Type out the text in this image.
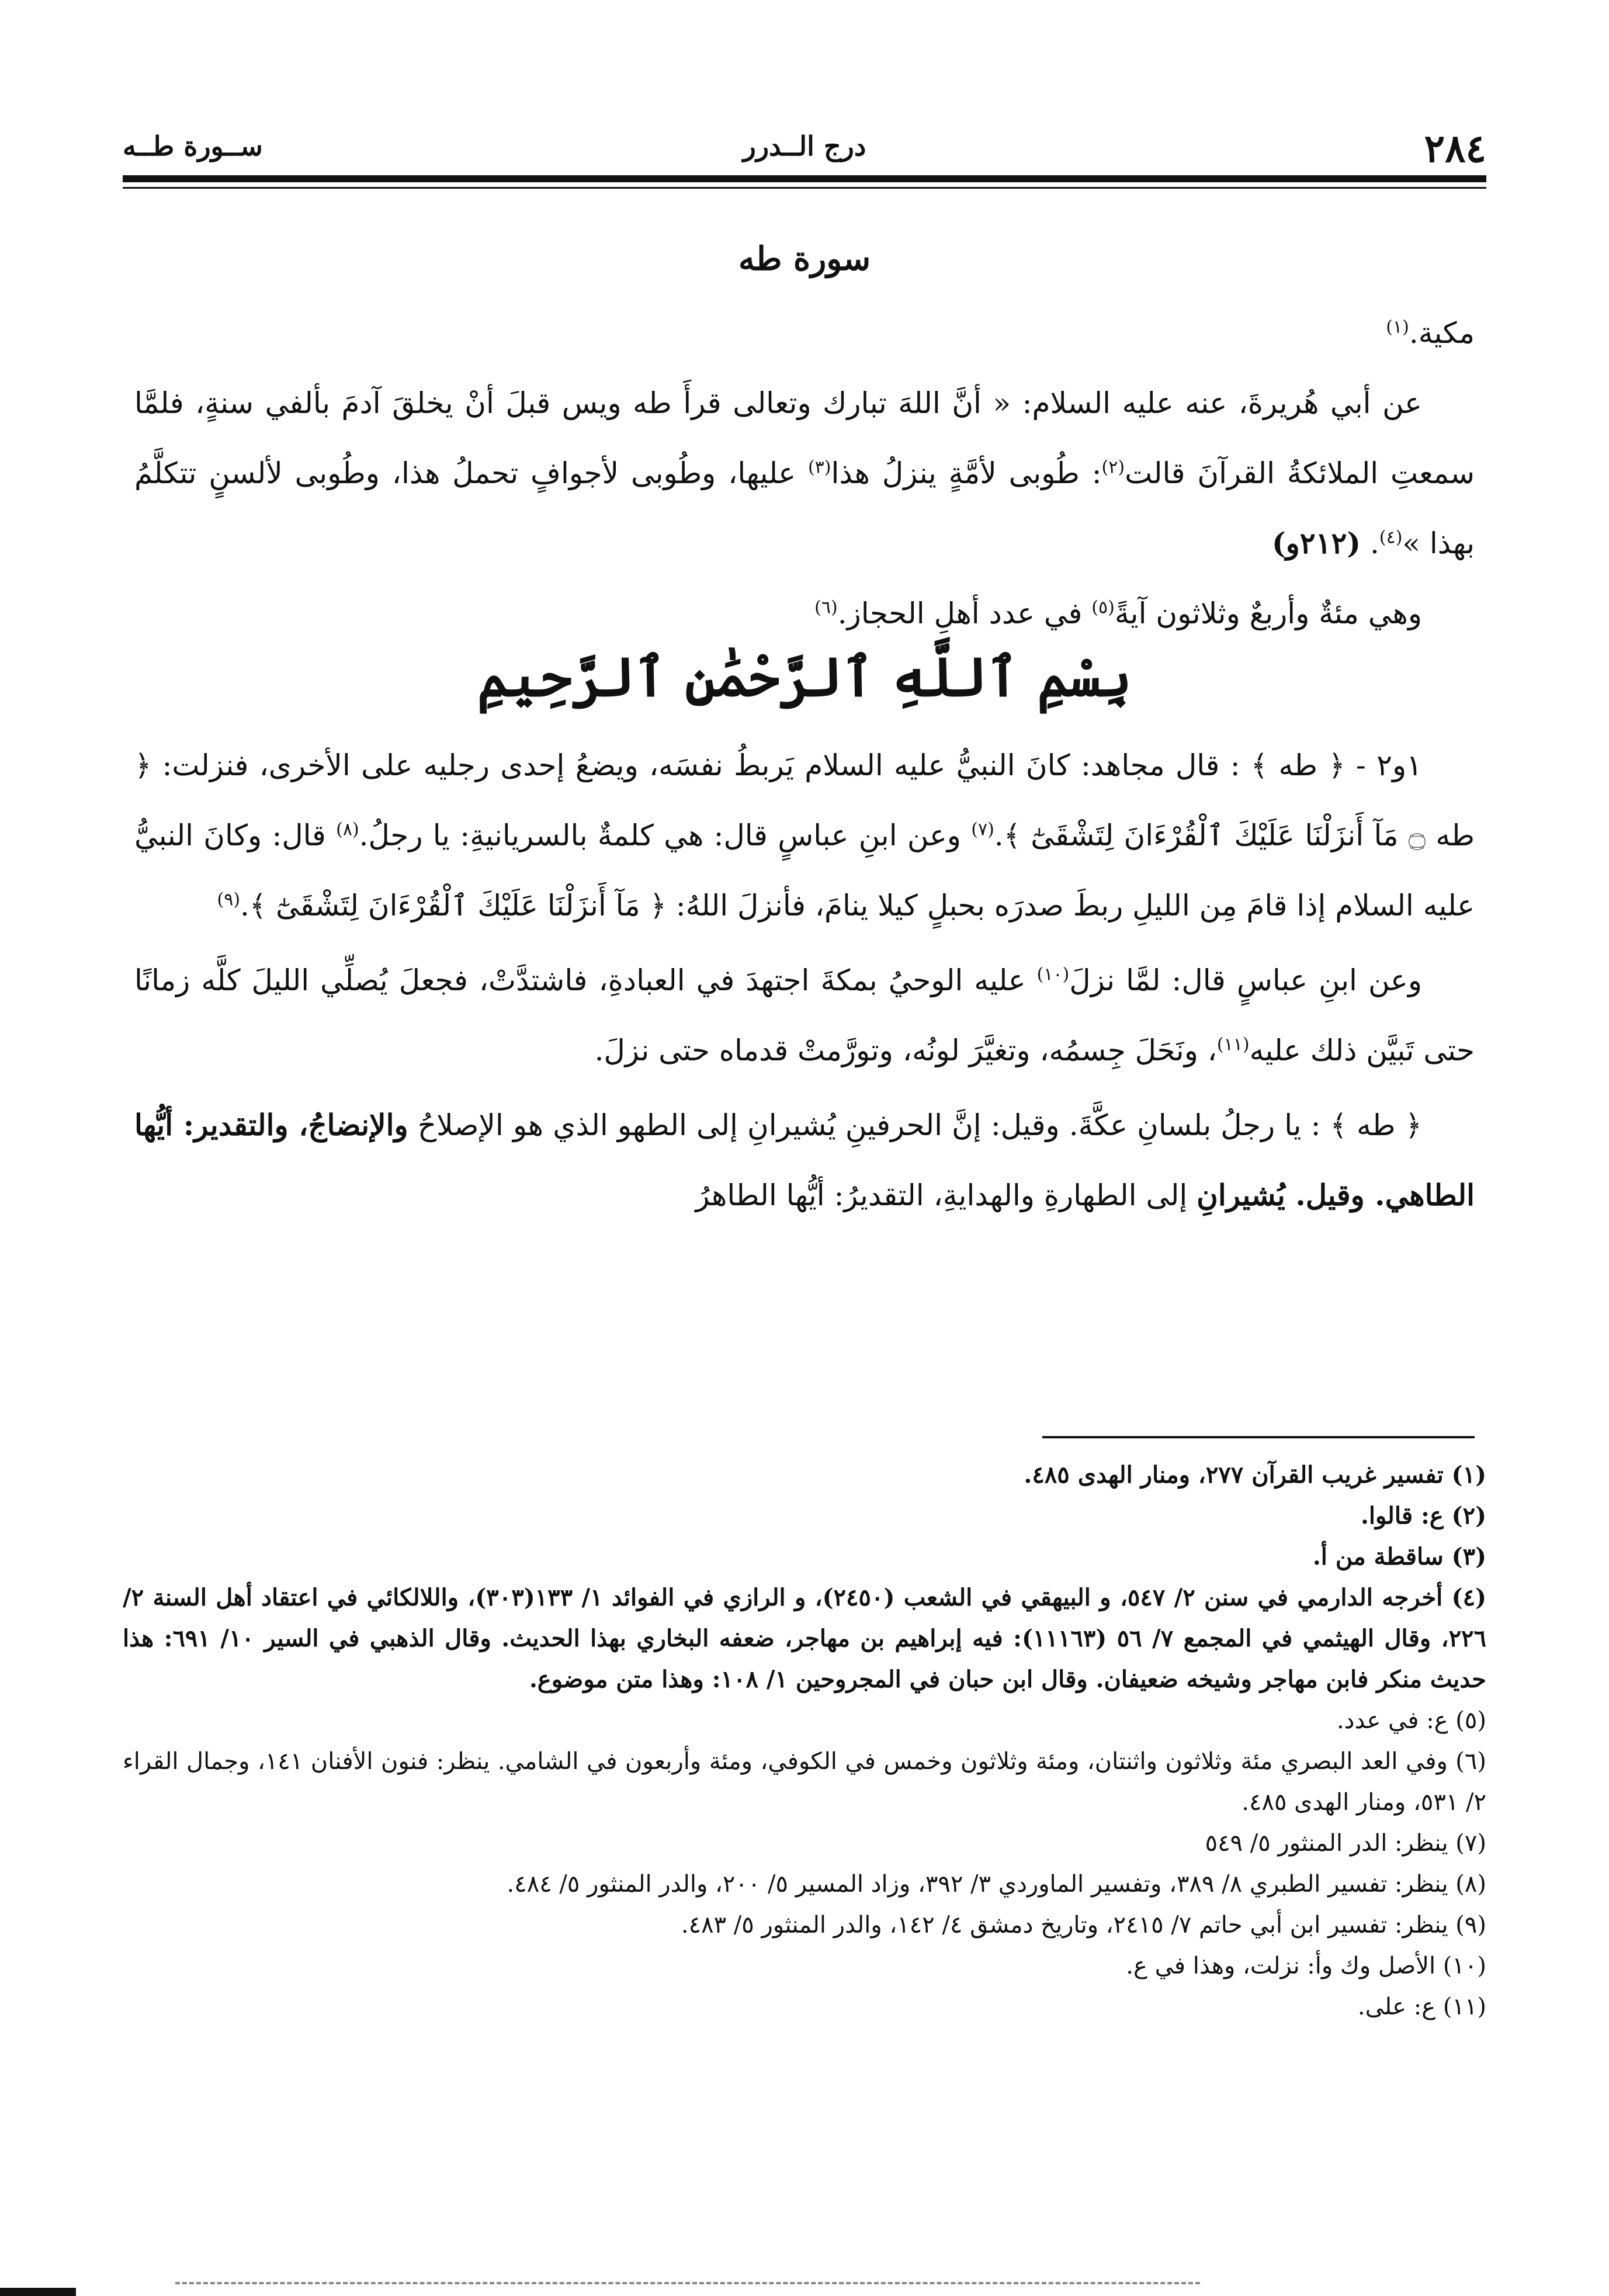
٢٨٤
درج الــدرر
ســورة طــه
سورة طه

مكية.$^{(١)}$

عن أبي هُريرةَ، عنه عليه السلام: « أنَّ اللهَ تبارك وتعالى قرأَ طه ويس قبلَ أنْ يخلقَ آدمَ بألفي سنةٍ، فلمَّا سمعتِ الملائكةُ القرآنَ قالت$^{(٢)}$: طُوبى لأمَّةٍ ينزلُ هذا$^{(٣)}$ عليها، وطُوبى لأجوافٍ تحملُ هذا، وطُوبى لألسنٍ تتكلَّمُ بهذا »$^{(٤)}$. (٢١٢و)

وهي مئةٌ وأربعٌ وثلاثون آيةً$^{(٥)}$ في عدد أهلِ الحجاز.$^{(٦)}$

بِسْمِ ٱللَّهِ ٱلرَّحْمَٰنِ ٱلرَّحِيمِ

١و٢ - ﴿ طه ﴾ : قال مجاهد: كانَ النبيُّ عليه السلام يَربطُ نفسَه، ويضعُ إحدى رجليه على الأخرى، فنزلت: ﴿ طه ۝ مَآ أَنزَلْنَا عَلَيْكَ ٱلْقُرْءَانَ لِتَشْقَىٰٓ ﴾.$^{(٧)}$ وعن ابنِ عباسٍ قال: هي كلمةٌ بالسريانيةِ: يا رجلُ.$^{(٨)}$ قال: وكانَ النبيُّ عليه السلام إذا قامَ مِن الليلِ ربطَ صدرَه بحبلٍ كيلا ينامَ، فأنزلَ اللهُ: ﴿ مَآ أَنزَلْنَا عَلَيْكَ ٱلْقُرْءَانَ لِتَشْقَىٰٓ ﴾.$^{(٩)}$

وعن ابنِ عباسٍ قال: لمَّا نزلَ$^{(١٠)}$ عليه الوحيُ بمكةَ اجتهدَ في العبادةِ، فاشتدَّتْ، فجعلَ يُصلِّي الليلَ كلَّه زمانًا حتى تَبيَّن ذلك عليه$^{(١١)}$، ونَحَلَ جِسمُه، وتغيَّرَ لونُه، وتورَّمتْ قدماه حتى نزلَ.

﴿ طه ﴾ : يا رجلُ بلسانِ عكَّةَ. وقيل: إنَّ الحرفينِ يُشيرانِ إلى الطهو الذي هو الإصلاحُ والإنضاجُ، والتقدير: أيُّها الطاهي. وقيل. يُشيرانِ إلى الطهارةِ والهدايةِ، التقديرُ: أيُّها الطاهرُ

(١) تفسير غريب القرآن ٢٧٧، ومنار الهدى ٤٨٥.

(٢) ع: قالوا.

(٣) ساقطة من أ.

(٤) أخرجه الدارمي في سنن ٢/ ٥٤٧، و البيهقي في الشعب (٢٤٥٠)، و الرازي في الفوائد ١/ ١٣٣(٣٠٣)، واللالكائي في اعتقاد أهل السنة ٢/ ٢٢٦، وقال الهيثمي في المجمع ٧/ ٥٦ (١١١٦٣): فيه إبراهيم بن مهاجر، ضعفه البخاري بهذا الحديث. وقال الذهبي في السير ١٠/ ٦٩١: هذا حديث منكر فابن مهاجر وشيخه ضعيفان. وقال ابن حبان في المجروحين ١/ ١٠٨: وهذا متن موضوع.

(٥) ع: في عدد.

(٦) وفي العد البصري مئة وثلاثون واثنتان، ومئة وثلاثون وخمس في الكوفي، ومئة وأربعون في الشامي. ينظر: فنون الأفنان ١٤١، وجمال القراء ٢/ ٥٣١، ومنار الهدى ٤٨٥.

(٧) ينظر: الدر المنثور ٥/ ٥٤٩

(٨) ينظر: تفسير الطبري ٨/ ٣٨٩، وتفسير الماوردي ٣/ ٣٩٢، وزاد المسير ٥/ ٢٠٠، والدر المنثور ٥/ ٤٨٤.

(٩) ينظر: تفسير ابن أبي حاتم ٧/ ٢٤١٥، وتاريخ دمشق ٤/ ١٤٢، والدر المنثور ٥/ ٤٨٣.

(١٠) الأصل وك وأ: نزلت، وهذا في ع.

(١١) ع: على.
